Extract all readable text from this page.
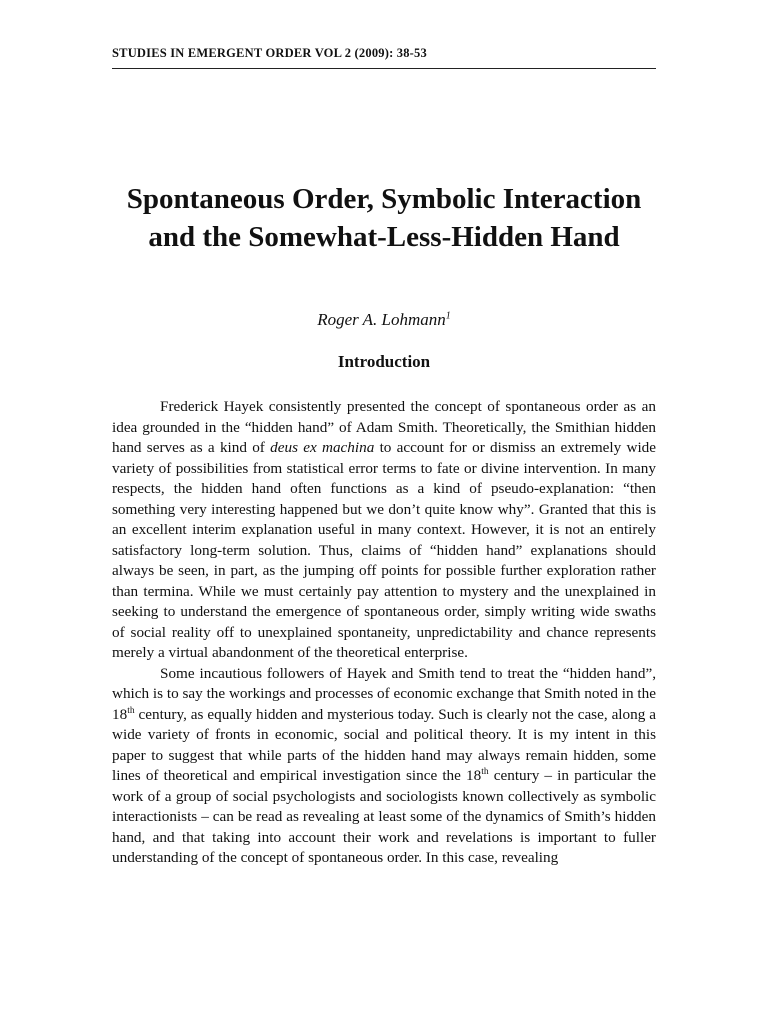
STUDIES IN EMERGENT ORDER VOL 2 (2009): 38-53
Spontaneous Order, Symbolic Interaction and the Somewhat-Less-Hidden Hand
Roger A. Lohmann$^1$
Introduction

Frederick Hayek consistently presented the concept of spontaneous order as an idea grounded in the “hidden hand” of Adam Smith. Theoretically, the Smithian hidden hand serves as a kind of deus ex machina to account for or dismiss an extremely wide variety of possibilities from statistical error terms to fate or divine intervention. In many respects, the hidden hand often functions as a kind of pseudo-explanation: “then something very interesting happened but we don’t quite know why”. Granted that this is an excellent interim explanation useful in many context. However, it is not an entirely satisfactory long-term solution. Thus, claims of “hidden hand” explanations should always be seen, in part, as the jumping off points for possible further exploration rather than termina. While we must certainly pay attention to mystery and the unexplained in seeking to understand the emergence of spontaneous order, simply writing wide swaths of social reality off to unexplained spontaneity, unpredictability and chance represents merely a virtual abandonment of the theoretical enterprise.

Some incautious followers of Hayek and Smith tend to treat the “hidden hand”, which is to say the workings and processes of economic exchange that Smith noted in the 18th century, as equally hidden and mysterious today. Such is clearly not the case, along a wide variety of fronts in economic, social and political theory. It is my intent in this paper to suggest that while parts of the hidden hand may always remain hidden, some lines of theoretical and empirical investigation since the 18th century – in particular the work of a group of social psychologists and sociologists known collectively as symbolic interactionists – can be read as revealing at least some of the dynamics of Smith’s hidden hand, and that taking into account their work and revelations is important to fuller understanding of the concept of spontaneous order. In this case, revealing
